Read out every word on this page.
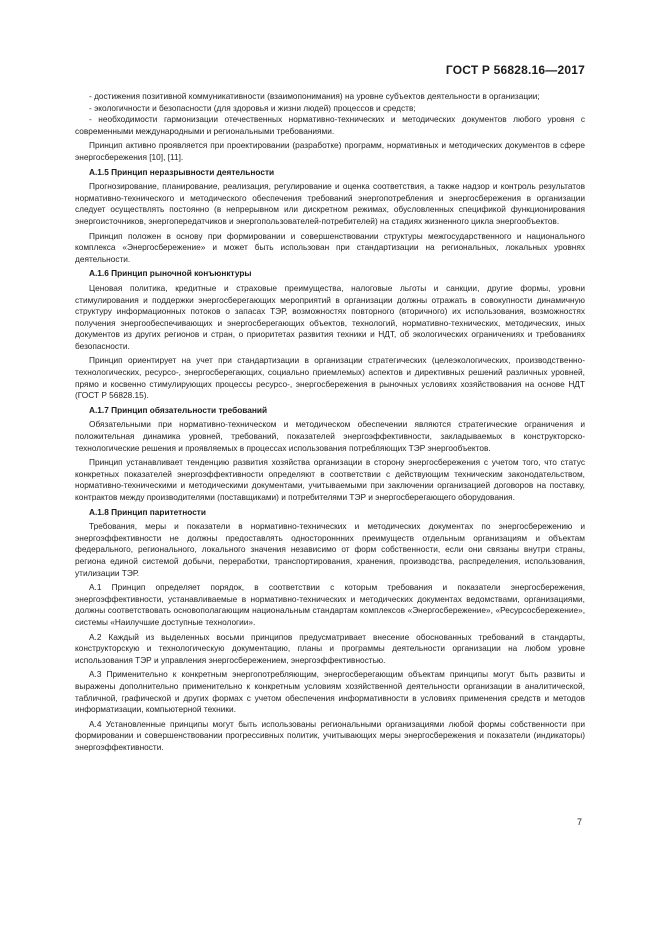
ГОСТ Р 56828.16—2017

- достижения позитивной коммуникативности (взаимопонимания) на уровне субъектов деятельности в организации;

- экологичности и безопасности (для здоровья и жизни людей) процессов и средств;

- необходимости гармонизации отечественных нормативно-технических и методических документов любого уровня с современными международными и региональными требованиями.

Принцип активно проявляется при проектировании (разработке) программ, нормативных и методических документов в сфере энергосбережения [10], [11].

А.1.5 Принцип неразрывности деятельности

Прогнозирование, планирование, реализация, регулирование и оценка соответствия, а также надзор и контроль результатов нормативно-технического и методического обеспечения требований энергопотребления и энергосбережения в организации следует осуществлять постоянно (в непрерывном или дискретном режимах, обусловленных спецификой функционирования энергоисточников, энергопередатчиков и энергопользователей-потребителей) на стадиях жизненного цикла энергообъектов.

Принцип положен в основу при формировании и совершенствовании структуры межгосударственного и национального комплекса «Энергосбережение» и может быть использован при стандартизации на региональных, локальных уровнях деятельности.

А.1.6 Принцип рыночной конъюнктуры

Ценовая политика, кредитные и страховые преимущества, налоговые льготы и санкции, другие формы, уровни стимулирования и поддержки энергосберегающих мероприятий в организации должны отражать в совокупности динамичную структуру информационных потоков о запасах ТЭР, возможностях повторного (вторичного) их использования, возможностях получения энергообеспечивающих и энергосберегающих объектов, технологий, нормативно-технических, методических, иных документов из других регионов и стран, о приоритетах развития техники и НДТ, об экологических ограничениях и требованиях безопасности.

Принцип ориентирует на учет при стандартизации в организации стратегических (целеэкологических, производственно-технологических, ресурсо-, энергосберегающих, социально приемлемых) аспектов и директивных решений различных уровней, прямо и косвенно стимулирующих процессы ресурсо-, энергосбережения в рыночных условиях хозяйствования на основе НДТ (ГОСТ Р 56828.15).

А.1.7 Принцип обязательности требований

Обязательными при нормативно-техническом и методическом обеспечении являются стратегические ограничения и положительная динамика уровней, требований, показателей энергоэффективности, закладываемых в конструкторско-технологические решения и проявляемых в процессах использования потребляющих ТЭР энергообъектов.

Принцип устанавливает тенденцию развития хозяйства организации в сторону энергосбережения с учетом того, что статус конкретных показателей энергоэффективности определяют в соответствии с действующим техническим законодательством, нормативно-техническими и методическими документами, учитываемыми при заключении организацией договоров на поставку, контрактов между производителями (поставщиками) и потребителями ТЭР и энергосберегающего оборудования.

А.1.8 Принцип паритетности

Требования, меры и показатели в нормативно-технических и методических документах по энергосбережению и энергоэффективности не должны предоставлять одностороннних преимуществ отдельным организациям и объектам федерального, регионального, локального значения независимо от форм собственности, если они связаны внутри страны, региона единой системой добычи, переработки, транспортирования, хранения, производства, распределения, использования, утилизации ТЭР.

А.1 Принцип определяет порядок, в соответствии с которым требования и показатели энергосбережения, энергоэффективности, устанавливаемые в нормативно-технических и методических документах ведомствами, организациями, должны соответствовать основополагающим национальным стандартам комплексов «Энергосбережение», «Ресурсосбережение», системы «Наилучшие доступные технологии».

А.2 Каждый из выделенных восьми принципов предусматривает внесение обоснованных требований в стандарты, конструкторскую и технологическую документацию, планы и программы деятельности организации на любом уровне использования ТЭР и управления энергосбережением, энергоэффективностью.

А.3 Применительно к конкретным энергопотребляющим, энергосберегающим объектам принципы могут быть развиты и выражены дополнительно применительно к конкретным условиям хозяйственной деятельности организации в аналитической, табличной, графической и других формах с учетом обеспечения информативности в условиях применения средств и методов информатизации, компьютерной техники.

А.4 Установленные принципы могут быть использованы региональными организациями любой формы собственности при формировании и совершенствовании прогрессивных политик, учитывающих меры энергосбережения и показатели (индикаторы) энергоэффективности.

7
